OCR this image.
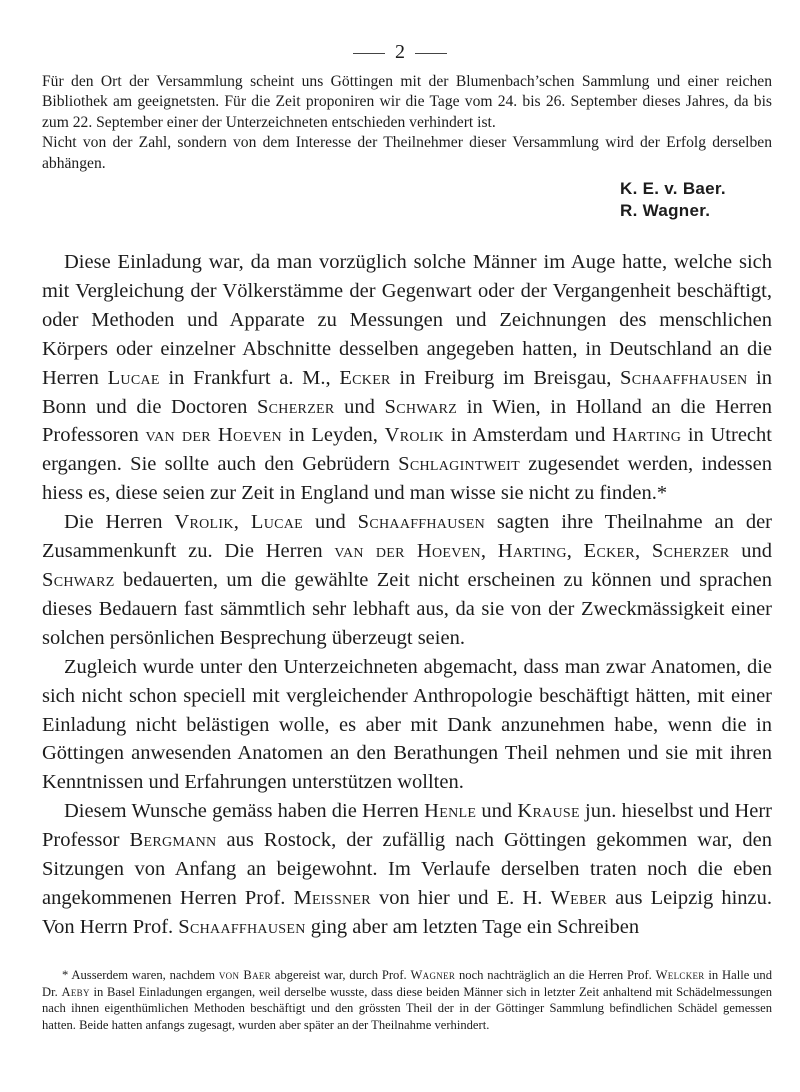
2

Für den Ort der Versammlung scheint uns Göttingen mit der Blumenbach’schen Sammlung und einer reichen Bibliothek am geeignetsten. Für die Zeit proponiren wir die Tage vom 24. bis 26. September dieses Jahres, da bis zum 22. September einer der Unterzeichneten entschieden verhindert ist.

Nicht von der Zahl, sondern von dem Interesse der Theilnehmer dieser Versammlung wird der Erfolg derselben abhängen.

K. E. v. Baer.
R. Wagner.

Diese Einladung war, da man vorzüglich solche Männer im Auge hatte, welche sich mit Vergleichung der Völkerstämme der Gegenwart oder der Vergangenheit beschäftigt, oder Methoden und Apparate zu Messungen und Zeichnungen des menschlichen Körpers oder einzelner Abschnitte desselben angegeben hatten, in Deutschland an die Herren Lucae in Frankfurt a. M., Ecker in Freiburg im Breisgau, Schaaffhausen in Bonn und die Doctoren Scherzer und Schwarz in Wien, in Holland an die Herren Professoren van der Hoeven in Leyden, Vrolik in Amsterdam und Harting in Utrecht ergangen. Sie sollte auch den Gebrüdern Schlagintweit zugesendet werden, indessen hiess es, diese seien zur Zeit in England und man wisse sie nicht zu finden.*

Die Herren Vrolik, Lucae und Schaaffhausen sagten ihre Theilnahme an der Zusammenkunft zu. Die Herren van der Hoeven, Harting, Ecker, Scherzer und Schwarz bedauerten, um die gewählte Zeit nicht erscheinen zu können und sprachen dieses Bedauern fast sämmtlich sehr lebhaft aus, da sie von der Zweckmässigkeit einer solchen persönlichen Besprechung überzeugt seien.

Zugleich wurde unter den Unterzeichneten abgemacht, dass man zwar Anatomen, die sich nicht schon speciell mit vergleichender Anthropologie beschäftigt hätten, mit einer Einladung nicht belästigen wolle, es aber mit Dank anzunehmen habe, wenn die in Göttingen anwesenden Anatomen an den Berathungen Theil nehmen und sie mit ihren Kenntnissen und Erfahrungen unterstützen wollten.

Diesem Wunsche gemäss haben die Herren Henle und Krause jun. hieselbst und Herr Professor Bergmann aus Rostock, der zufällig nach Göttingen gekommen war, den Sitzungen von Anfang an beigewohnt. Im Verlaufe derselben traten noch die eben angekommenen Herren Prof. Meissner von hier und E. H. Weber aus Leipzig hinzu. Von Herrn Prof. Schaaffhausen ging aber am letzten Tage ein Schreiben

* Ausserdem waren, nachdem von Baer abgereist war, durch Prof. Wagner noch nachträglich an die Herren Prof. Welcker in Halle und Dr. Aeby in Basel Einladungen ergangen, weil derselbe wusste, dass diese beiden Männer sich in letzter Zeit anhaltend mit Schädelmessungen nach ihnen eigenthümlichen Methoden beschäftigt und den grössten Theil der in der Göttinger Sammlung befindlichen Schädel gemessen hatten. Beide hatten anfangs zugesagt, wurden aber später an der Theilnahme verhindert.
